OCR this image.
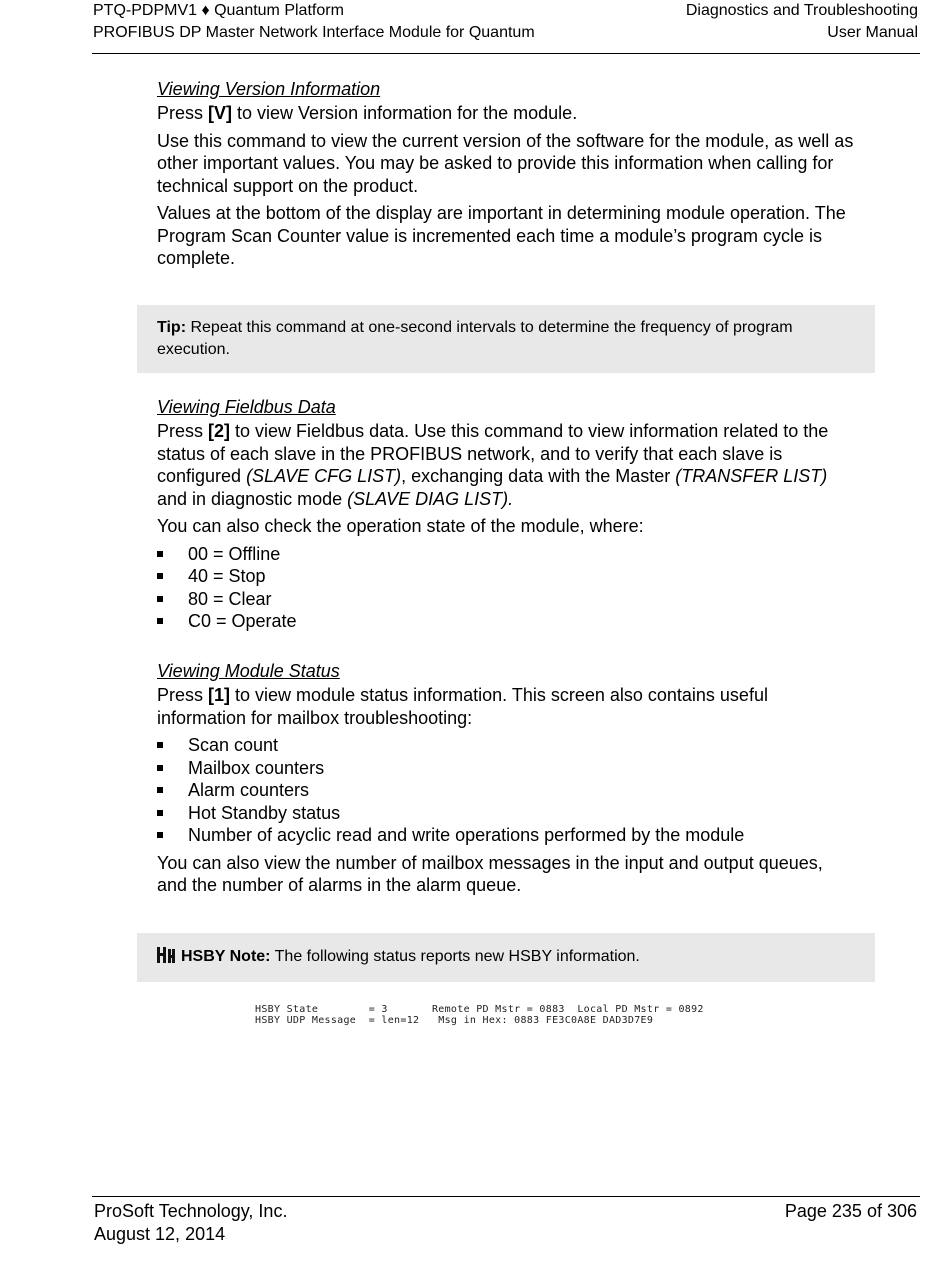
PTQ-PDPMV1 ♦ Quantum Platform
PROFIBUS DP Master Network Interface Module for Quantum
Diagnostics and Troubleshooting
User Manual
Viewing Version Information

Press [V] to view Version information for the module.

Use this command to view the current version of the software for the module, as well as other important values. You may be asked to provide this information when calling for technical support on the product.

Values at the bottom of the display are important in determining module operation. The Program Scan Counter value is incremented each time a module’s program cycle is complete.

Tip: Repeat this command at one-second intervals to determine the frequency of program execution.
Viewing Fieldbus Data

Press [2] to view Fieldbus data. Use this command to view information related to the status of each slave in the PROFIBUS network, and to verify that each slave is configured (SLAVE CFG LIST), exchanging data with the Master (TRANSFER LIST) and in diagnostic mode (SLAVE DIAG LIST).

You can also check the operation state of the module, where:

00 = Offline
40 = Stop
80 = Clear
C0 = Operate
Viewing Module Status

Press [1] to view module status information. This screen also contains useful information for mailbox troubleshooting:

Scan count
Mailbox counters
Alarm counters
Hot Standby status
Number of acyclic read and write operations performed by the module

You can also view the number of mailbox messages in the input and output queues, and the number of alarms in the alarm queue.

HSBY Note: The following status reports new HSBY information.
HSBY State        = 3       Remote PD Mstr = 0883  Local PD Mstr = 0892
HSBY UDP Message  = len=12   Msg in Hex: 0883 FE3C0A8E DAD3D7E9
ProSoft Technology, Inc.
August 12, 2014
Page 235 of 306
